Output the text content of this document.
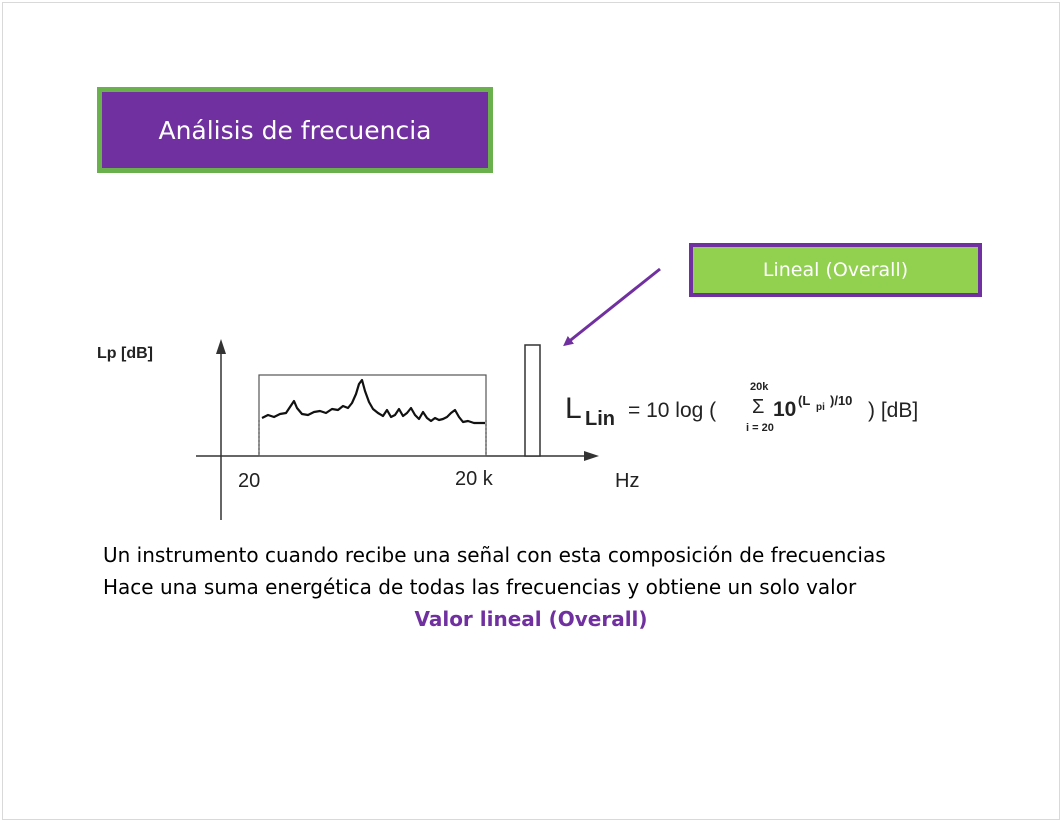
Análisis de frecuencia
Lineal (Overall)
Lp [dB]
20	20 k	Hz
L Lin = 10 log (
20k
Σ
i = 20
10 (L pi )/10 ) [dB]
Un instrumento cuando recibe una señal con esta composición de frecuencias
Hace una suma energética de todas las frecuencias y obtiene un solo valor
Valor lineal (Overall)
